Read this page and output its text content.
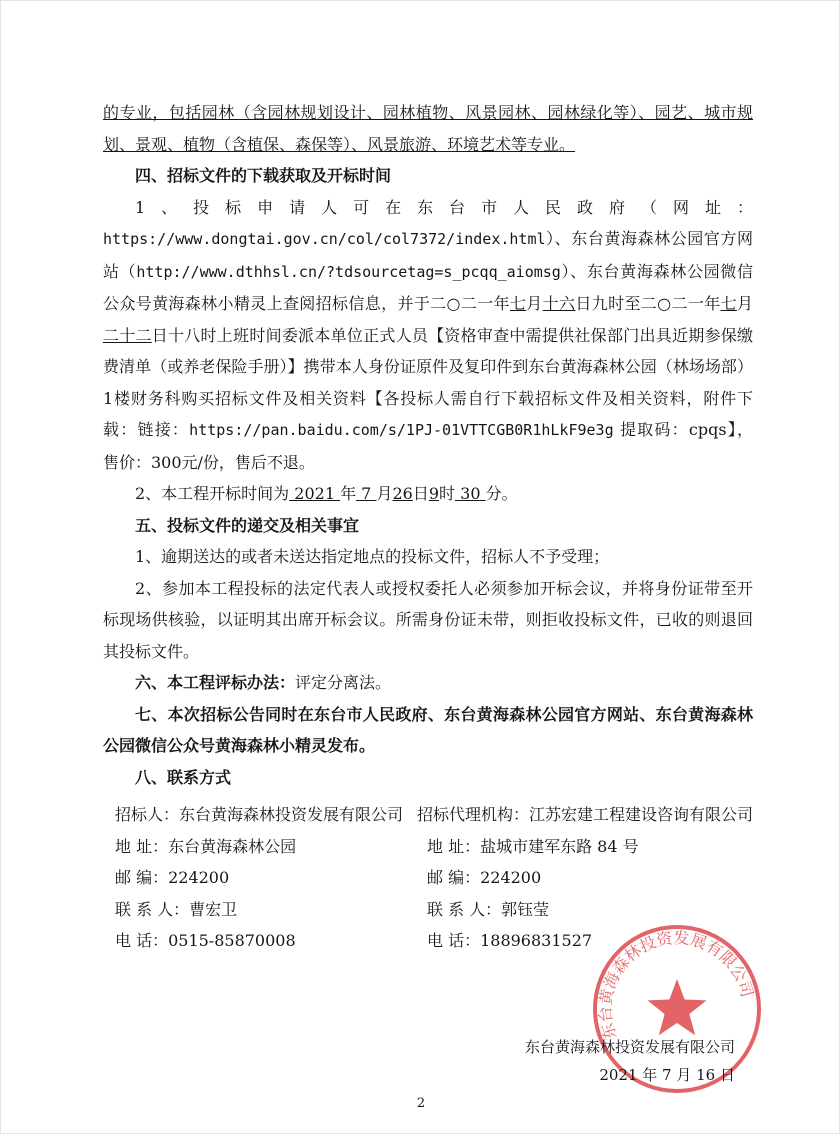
的专业，包括园林（含园林规划设计、园林植物、风景园林、园林绿化等）、园艺、城市规划、景观、植物（含植保、森保等）、风景旅游、环境艺术等专业。

四、招标文件的下载获取及开标时间

1、投标申请人可在东台市人民政府（网址：https://www.dongtai.gov.cn/col/col7372/index.html）、东台黄海森林公园官方网站（http://www.dthhsl.cn/?tdsourcetag=s_pcqq_aiomsg）、东台黄海森林公园微信公众号黄海森林小精灵上查阅招标信息，并于二○二一年七月十六日九时至二○二一年七月二十二日十八时上班时间委派本单位正式人员【资格审查中需提供社保部门出具近期参保缴费清单（或养老保险手册）】携带本人身份证原件及复印件到东台黄海森林公园（林场场部）1楼财务科购买招标文件及相关资料【各投标人需自行下载招标文件及相关资料，附件下载：链接：https://pan.baidu.com/s/1PJ-01VTTCGB0R1hLkF9e3g 提取码：cpqs】，售价：300元/份，售后不退。

2、本工程开标时间为 2021 年 7 月26日9时 30 分。

五、投标文件的递交及相关事宜

1、逾期送达的或者未送达指定地点的投标文件，招标人不予受理；

2、参加本工程投标的法定代表人或授权委托人必须参加开标会议，并将身份证带至开标现场供核验，以证明其出席开标会议。所需身份证未带，则拒收投标文件，已收的则退回其投标文件。

六、本工程评标办法：评定分离法。

七、本次招标公告同时在东台市人民政府、东台黄海森林公园官方网站、东台黄海森林公园微信公众号黄海森林小精灵发布。

八、联系方式

招标人：东台黄海森林投资发展有限公司 招标代理机构：江苏宏建工程建设咨询有限公司
地 址：东台黄海森林公园	地 址：盐城市建军东路 84 号
邮 编：224200	邮 编：224200
联 系 人：曹宏卫	联 系 人：郭钰莹
电 话：0515-85870008	电 话：18896831527
东台黄海森林投资发展有限公司
东台黄海森林投资发展有限公司
2021 年 7 月 16 日
2
